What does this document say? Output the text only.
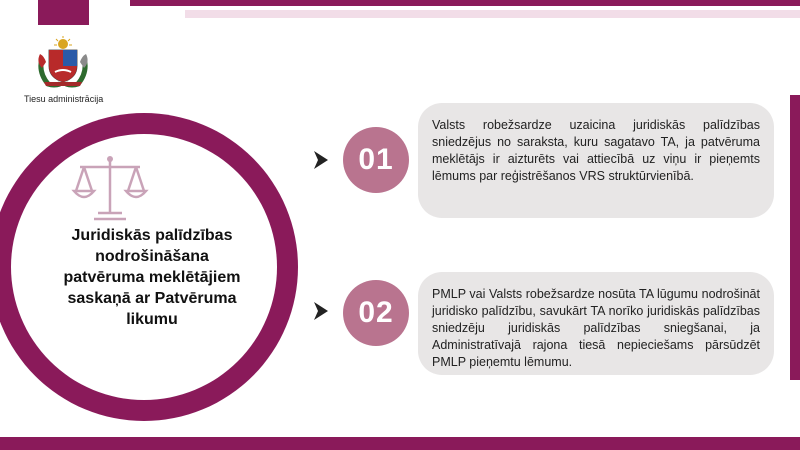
Tiesu administrācija
Juridiskās palīdzības nodrošināšana patvēruma meklētājiem saskaņā ar Patvēruma likumu
01
Valsts robežsardze uzaicina juridiskās palīdzības sniedzējus no saraksta, kuru sagatavo TA, ja patvēruma meklētājs ir aizturēts vai attiecībā uz viņu ir pieņemts lēmums par reģistrēšanos VRS struktūrvienībā.
02
PMLP vai Valsts robežsardze nosūta TA lūgumu nodrošināt juridisko palīdzību, savukārt TA norīko juridiskās palīdzības sniedzēju juridiskās palīdzības sniegšanai, ja Administratīvajā rajona tiesā nepieciešams pārsūdzēt PMLP pieņemtu lēmumu.
